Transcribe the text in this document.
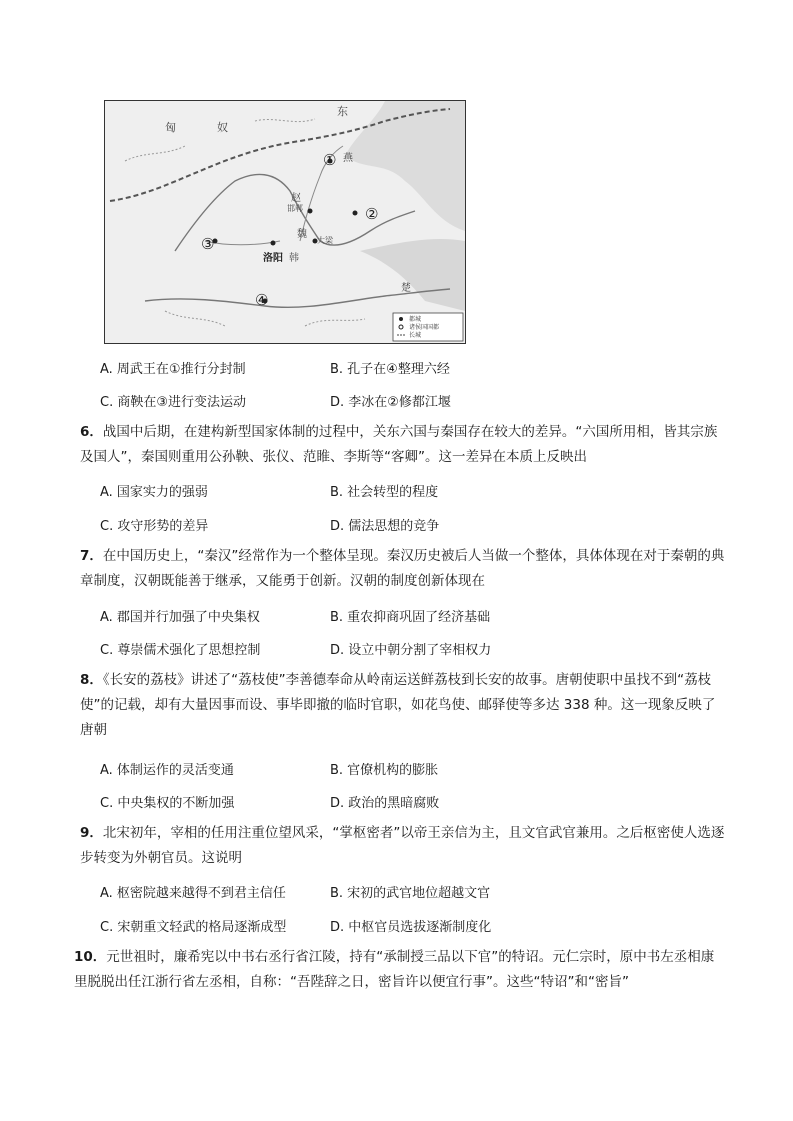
匈	奴
东
燕
赵
邯郸
魏
大梁
韩
洛阳
楚
①
②
③
④
都城
诸侯国国都
长城
A. 周武王在①推行分封制	B. 孔子在④整理六经
C. 商鞅在③进行变法运动	D. 李冰在②修都江堰
6．战国中后期，在建构新型国家体制的过程中，关东六国与秦国存在较大的差异。“六国所用相，皆其宗族及国人”，秦国则重用公孙鞅、张仪、范睢、李斯等“客卿”。这一差异在本质上反映出
A. 国家实力的强弱	B. 社会转型的程度
C. 攻守形势的差异	D. 儒法思想的竞争
7．在中国历史上，“秦汉”经常作为一个整体呈现。秦汉历史被后人当做一个整体，具体体现在对于秦朝的典章制度，汉朝既能善于继承，又能勇于创新。汉朝的制度创新体现在
A. 郡国并行加强了中央集权	B. 重农抑商巩固了经济基础
C. 尊崇儒术强化了思想控制	D. 设立中朝分割了宰相权力
8．《长安的荔枝》讲述了“荔枝使”李善德奉命从岭南运送鲜荔枝到长安的故事。唐朝使职中虽找不到“荔枝使”的记载，却有大量因事而设、事毕即撤的临时官职，如花鸟使、邮驿使等多达 338 种。这一现象反映了唐朝
A. 体制运作的灵活变通	B. 官僚机构的膨胀
C. 中央集权的不断加强	D. 政治的黑暗腐败
9．北宋初年，宰相的任用注重位望风采，“掌枢密者”以帝王亲信为主，且文官武官兼用。之后枢密使人选逐步转变为外朝官员。这说明
A. 枢密院越来越得不到君主信任	B. 宋初的武官地位超越文官
C. 宋朝重文轻武的格局逐渐成型	D. 中枢官员选拔逐渐制度化
10．元世祖时，廉希宪以中书右丞行省江陵，持有“承制授三品以下官”的特诏。元仁宗时，原中书左丞相康里脱脱出任江浙行省左丞相，自称：“吾陛辞之日，密旨许以便宜行事”。这些“特诏”和“密旨”
